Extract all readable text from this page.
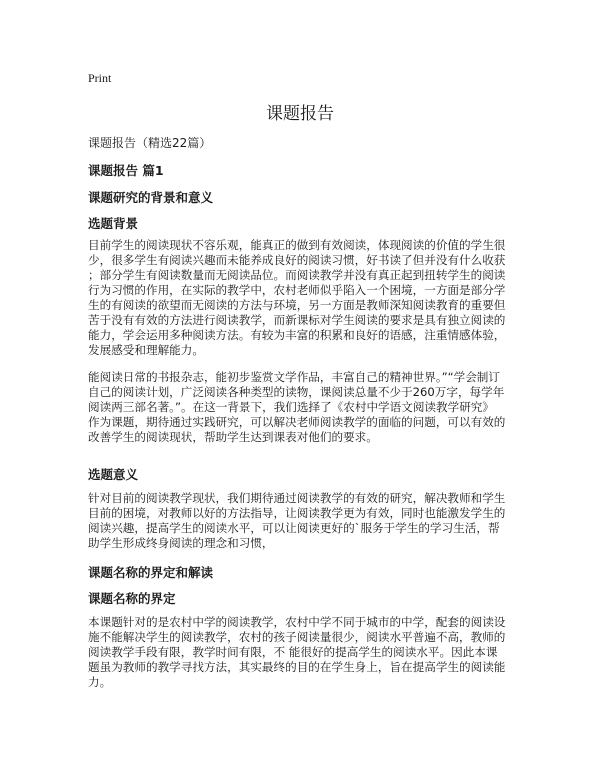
Print
课题报告
课题报告（精选22篇）
课题报告 篇1
课题研究的背景和意义
选题背景
目前学生的阅读现状不容乐观，能真正的做到有效阅读，体现阅读的价值的学生很
少，很多学生有阅读兴趣而未能养成良好的阅读习惯，好书读了但并没有什么收获
；部分学生有阅读数量而无阅读品位。而阅读教学并没有真正起到扭转学生的阅读
行为习惯的作用，在实际的教学中，农村老师似乎陷入一个困境，一方面是部分学
生的有阅读的欲望而无阅读的方法与环境，另一方面是教师深知阅读教育的重要但
苦于没有有效的方法进行阅读教学，而新课标对学生阅读的要求是具有独立阅读的
能力，学会运用多种阅读方法。有较为丰富的积累和良好的语感，注重情感体验，
发展感受和理解能力。
能阅读日常的书报杂志，能初步鉴赏文学作品，丰富自己的精神世界。”“学会制订
自己的阅读计划，广泛阅读各种类型的读物，课阅读总量不少于260万字，每学年
阅读两三部名著。”。在这一背景下，我们选择了《农村中学语文阅读教学研究》
作为课题，期待通过实践研究，可以解决老师阅读教学的面临的问题，可以有效的
改善学生的阅读现状，帮助学生达到课表对他们的要求。
选题意义
针对目前的阅读教学现状，我们期待通过阅读教学的有效的研究，解决教师和学生
目前的困境，对教师以好的方法指导，让阅读教学更为有效，同时也能激发学生的
阅读兴趣，提高学生的阅读水平，可以让阅读更好的`服务于学生的学习生活，帮
助学生形成终身阅读的理念和习惯，
课题名称的界定和解读
课题名称的界定
本课题针对的是农村中学的阅读教学，农村中学不同于城市的中学，配套的阅读设
施不能解决学生的阅读教学，农村的孩子阅读量很少，阅读水平普遍不高，教师的
阅读教学手段有限，教学时间有限，不 能很好的提高学生的阅读水平。因此本课
题虽为教师的教学寻找方法，其实最终的目的在学生身上，旨在提高学生的阅读能
力。
